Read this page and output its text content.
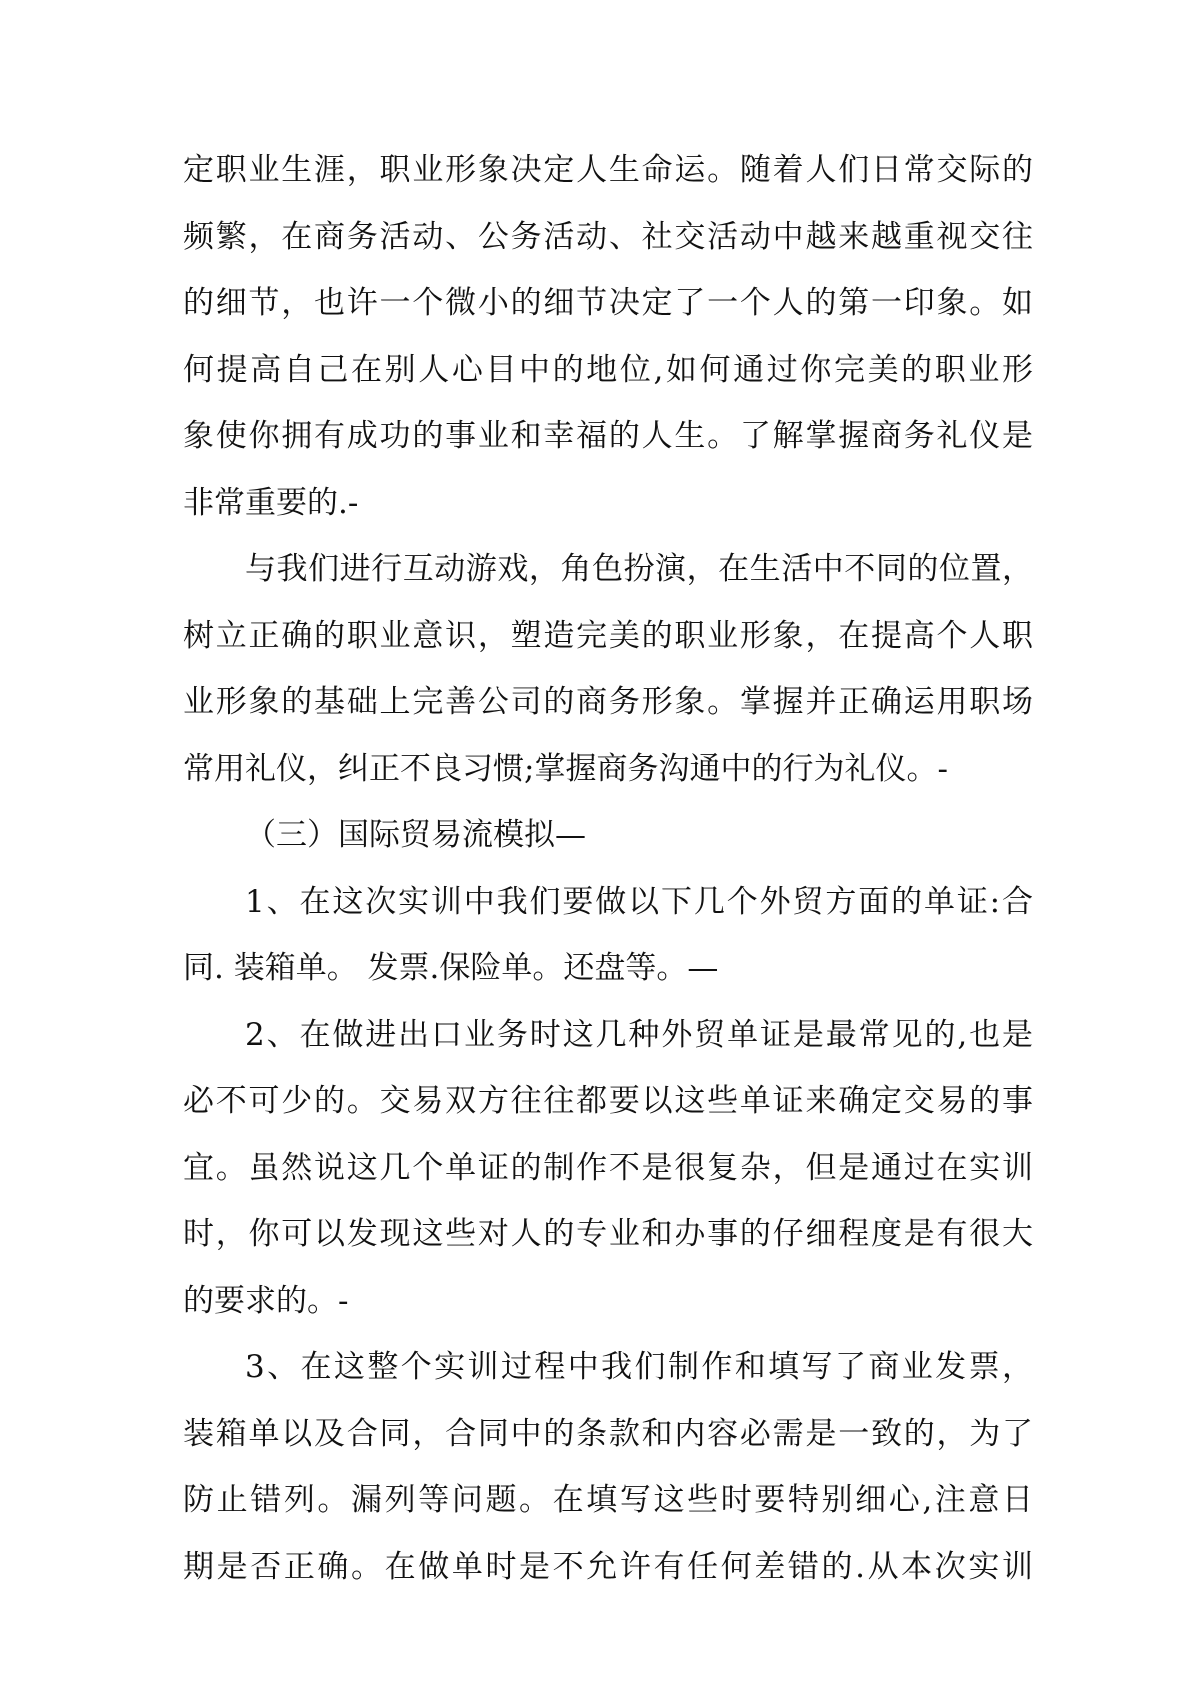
定职业生涯，职业形象决定人生命运。随着人们日常交际的
频繁，在商务活动、公务活动、社交活动中越来越重视交往
的细节，也许一个微小的细节决定了一个人的第一印象。如
何提高自己在别人心目中的地位,如何通过你完美的职业形
象使你拥有成功的事业和幸福的人生。了解掌握商务礼仪是
非常重要的.-
与我们进行互动游戏，角色扮演，在生活中不同的位置，
树立正确的职业意识，塑造完美的职业形象，在提高个人职
业形象的基础上完善公司的商务形象。掌握并正确运用职场
常用礼仪，纠正不良习惯;掌握商务沟通中的行为礼仪。-
（三）国际贸易流模拟—
1、在这次实训中我们要做以下几个外贸方面的单证:合
同. 装箱单。 发票.保险单。还盘等。—
2、在做进出口业务时这几种外贸单证是最常见的,也是
必不可少的。交易双方往往都要以这些单证来确定交易的事
宜。虽然说这几个单证的制作不是很复杂，但是通过在实训
时，你可以发现这些对人的专业和办事的仔细程度是有很大
的要求的。-
3、在这整个实训过程中我们制作和填写了商业发票，
装箱单以及合同，合同中的条款和内容必需是一致的，为了
防止错列。漏列等问题。在填写这些时要特别细心,注意日
期是否正确。在做单时是不允许有任何差错的.从本次实训
